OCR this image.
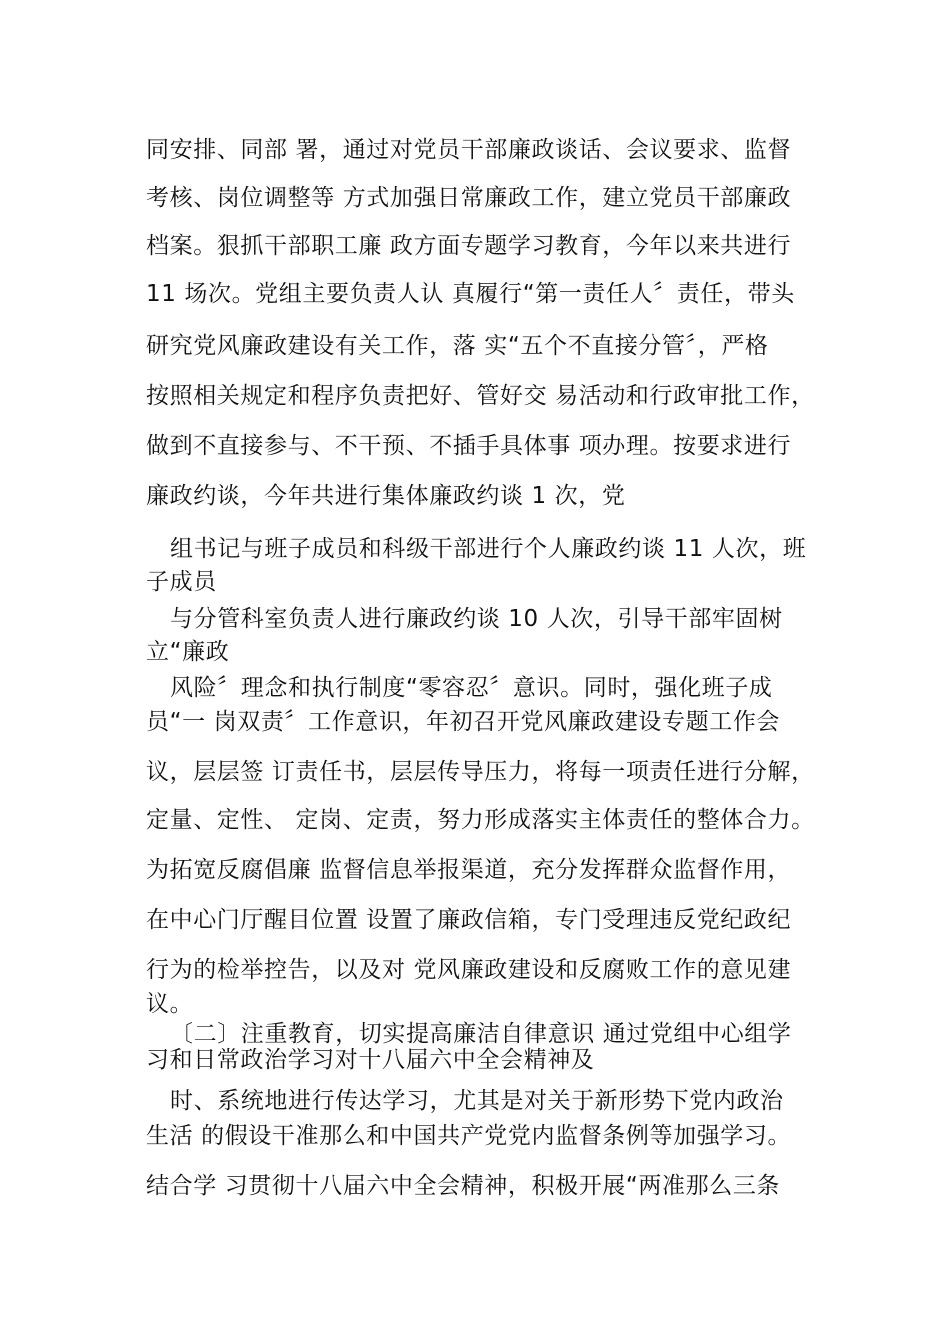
同安排、同部 署，通过对党员干部廉政谈话、会议要求、监督
考核、岗位调整等 方式加强日常廉政工作，建立党员干部廉政
档案。狠抓干部职工廉 政方面专题学习教育，今年以来共进行
11 场次。党组主要负责人认 真履行“第一责任人〞责任，带头
研究党风廉政建设有关工作，落 实“五个不直接分管〞，严格
按照相关规定和程序负责把好、管好交 易活动和行政审批工作，
做到不直接参与、不干预、不插手具体事 项办理。按要求进行
廉政约谈，今年共进行集体廉政约谈 1 次，党
组书记与班子成员和科级干部进行个人廉政约谈 11 人次，班
子成员
与分管科室负责人进行廉政约谈 10 人次，引导干部牢固树
立“廉政
风险〞理念和执行制度“零容忍〞意识。同时，强化班子成
员“一 岗双责〞工作意识，年初召开党风廉政建设专题工作会
议，层层签 订责任书，层层传导压力，将每一项责任进行分解，
定量、定性、 定岗、定责，努力形成落实主体责任的整体合力。
为拓宽反腐倡廉 监督信息举报渠道，充分发挥群众监督作用，
在中心门厅醒目位置 设置了廉政信箱，专门受理违反党纪政纪
行为的检举控告，以及对 党风廉政建设和反腐败工作的意见建
议。
〔二〕注重教育，切实提高廉洁自律意识 通过党组中心组学
习和日常政治学习对十八届六中全会精神及
时、系统地进行传达学习，尤其是对关于新形势下党内政治
生活 的假设干准那么和中国共产党党内监督条例等加强学习。
结合学 习贯彻十八届六中全会精神，积极开展“两准那么三条
